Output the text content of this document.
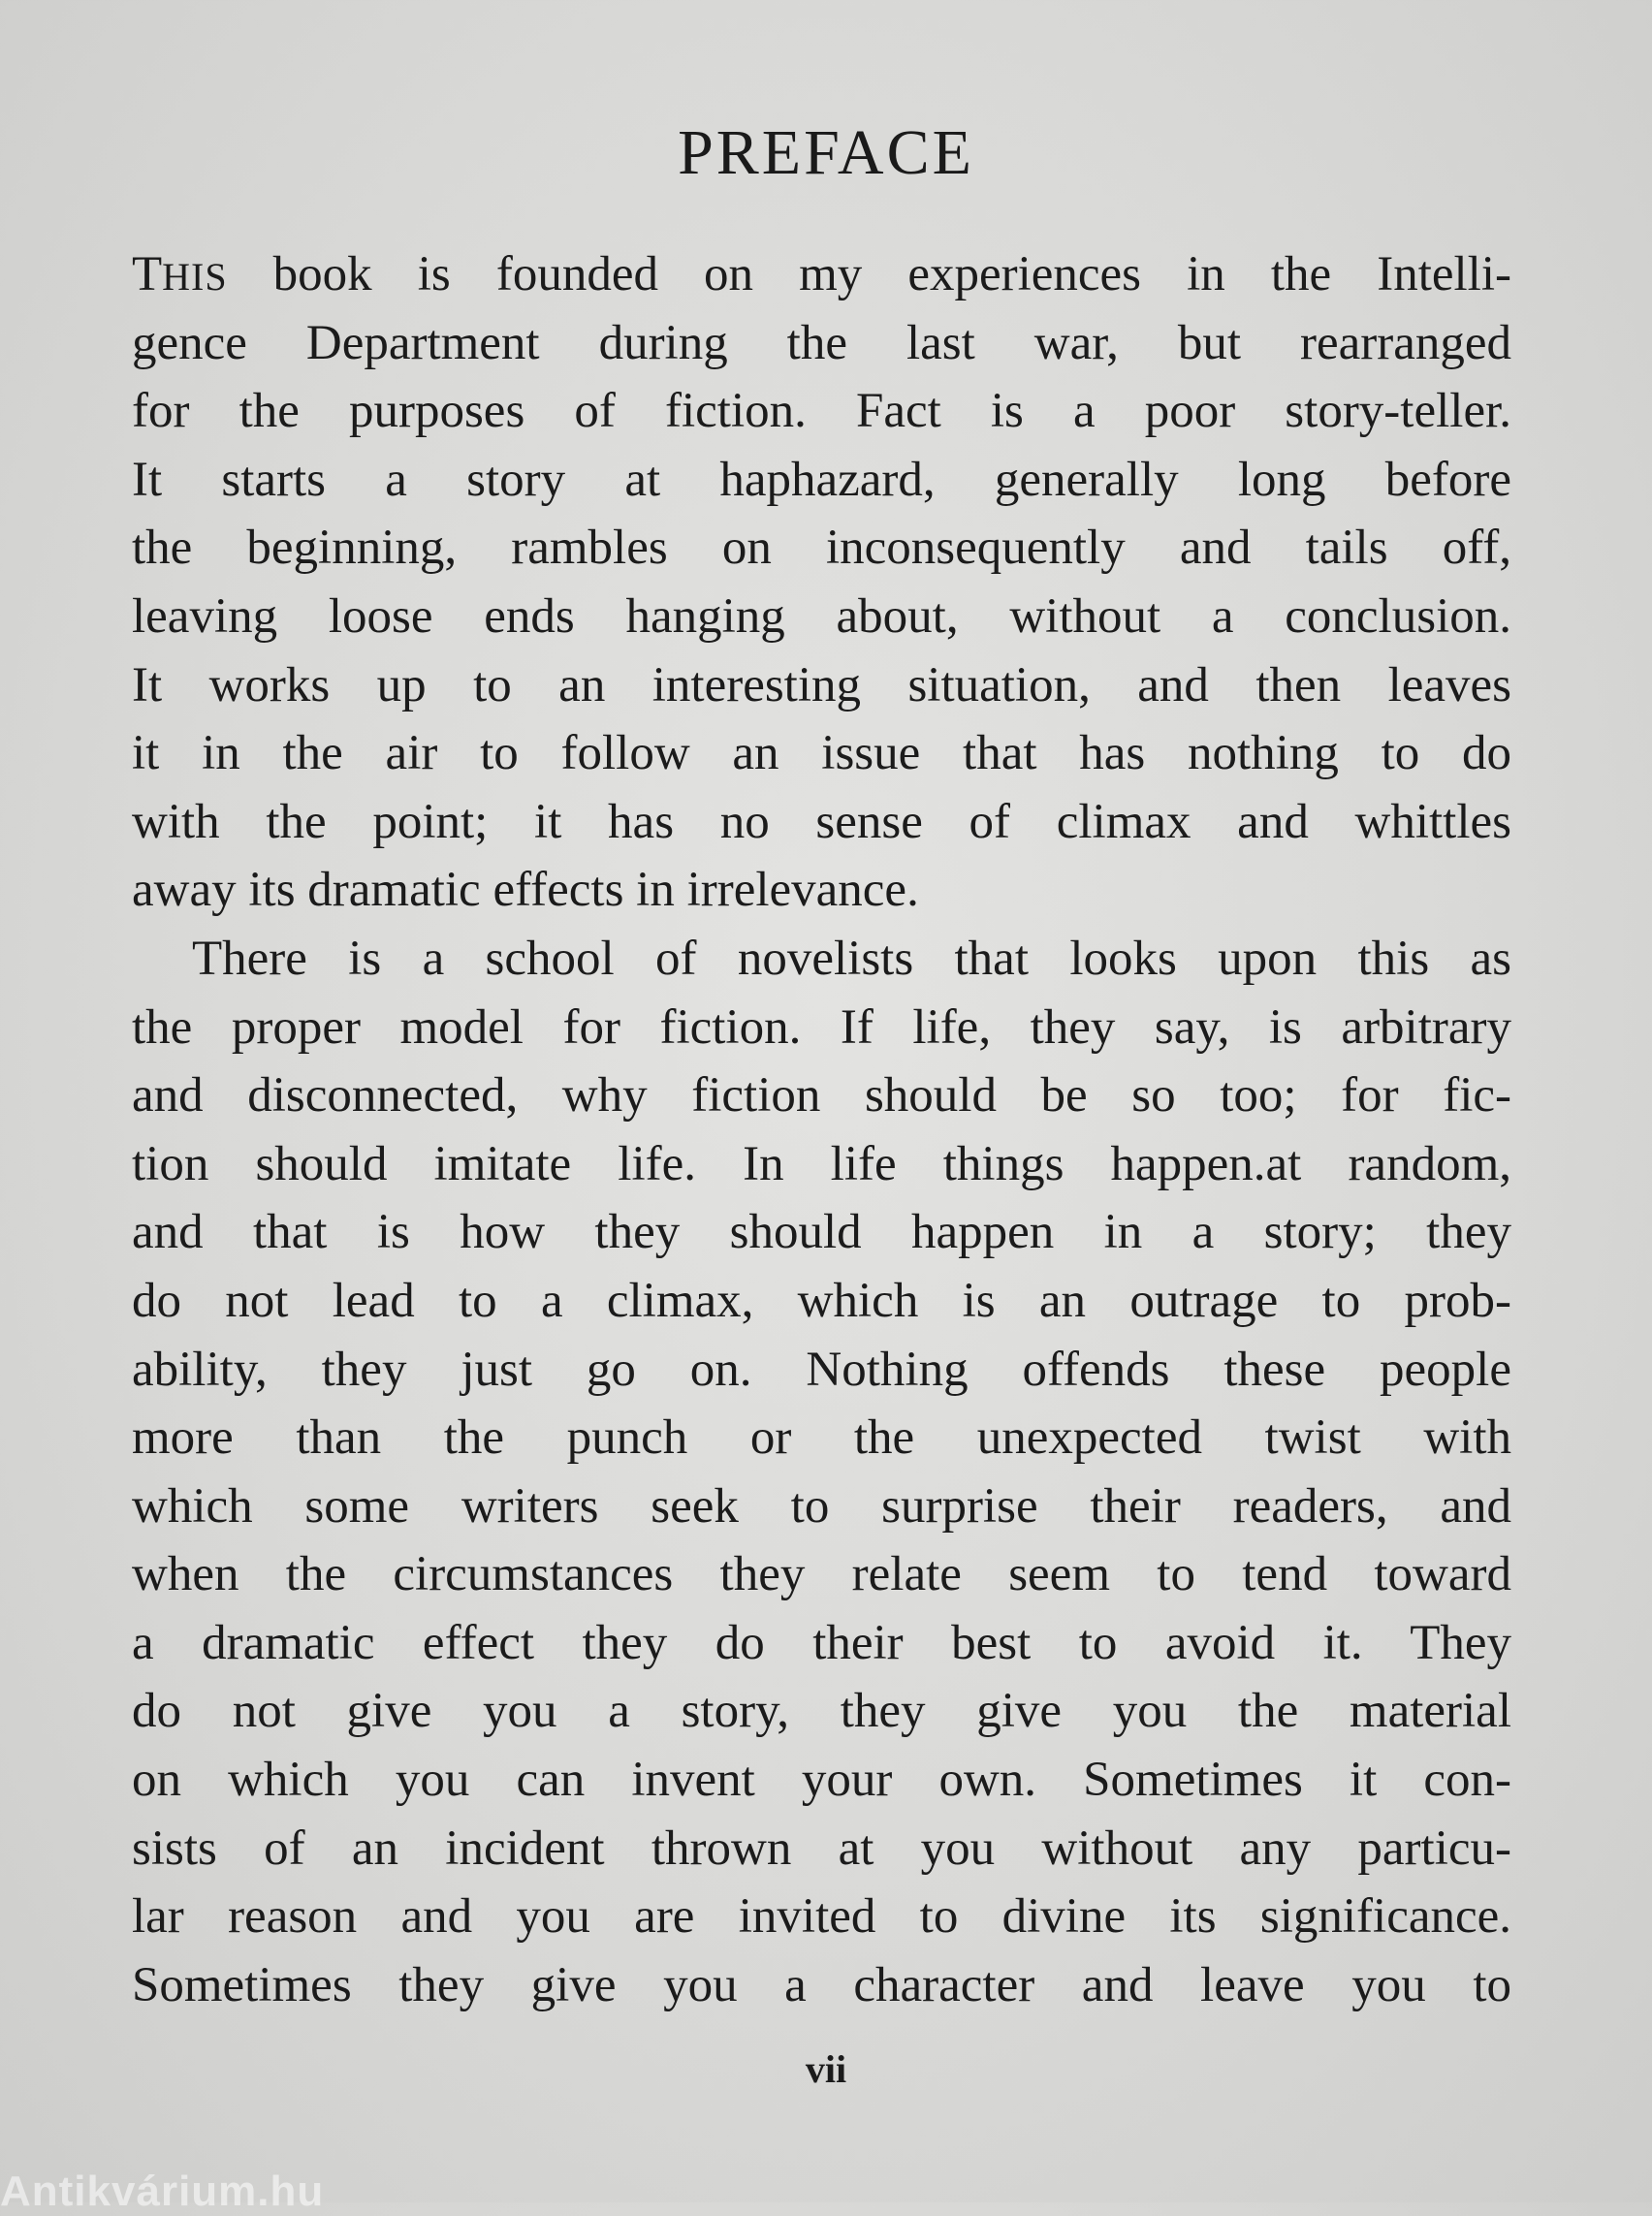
PREFACE
THIS book is founded on my experiences in the Intelli-
gence Department during the last war, but rearranged
for the purposes of fiction. Fact is a poor story-teller.
It starts a story at haphazard, generally long before
the beginning, rambles on inconsequently and tails off,
leaving loose ends hanging about, without a conclusion.
It works up to an interesting situation, and then leaves
it in the air to follow an issue that has nothing to do
with the point; it has no sense of climax and whittles
away its dramatic effects in irrelevance.
There is a school of novelists that looks upon this as
the proper model for fiction. If life, they say, is arbitrary
and disconnected, why fiction should be so too; for fic-
tion should imitate life. In life things happen.at random,
and that is how they should happen in a story; they
do not lead to a climax, which is an outrage to prob-
ability, they just go on. Nothing offends these people
more than the punch or the unexpected twist with
which some writers seek to surprise their readers, and
when the circumstances they relate seem to tend toward
a dramatic effect they do their best to avoid it. They
do not give you a story, they give you the material
on which you can invent your own. Sometimes it con-
sists of an incident thrown at you without any particu-
lar reason and you are invited to divine its significance.
Sometimes they give you a character and leave you to
vii
Antikvárium.hu
